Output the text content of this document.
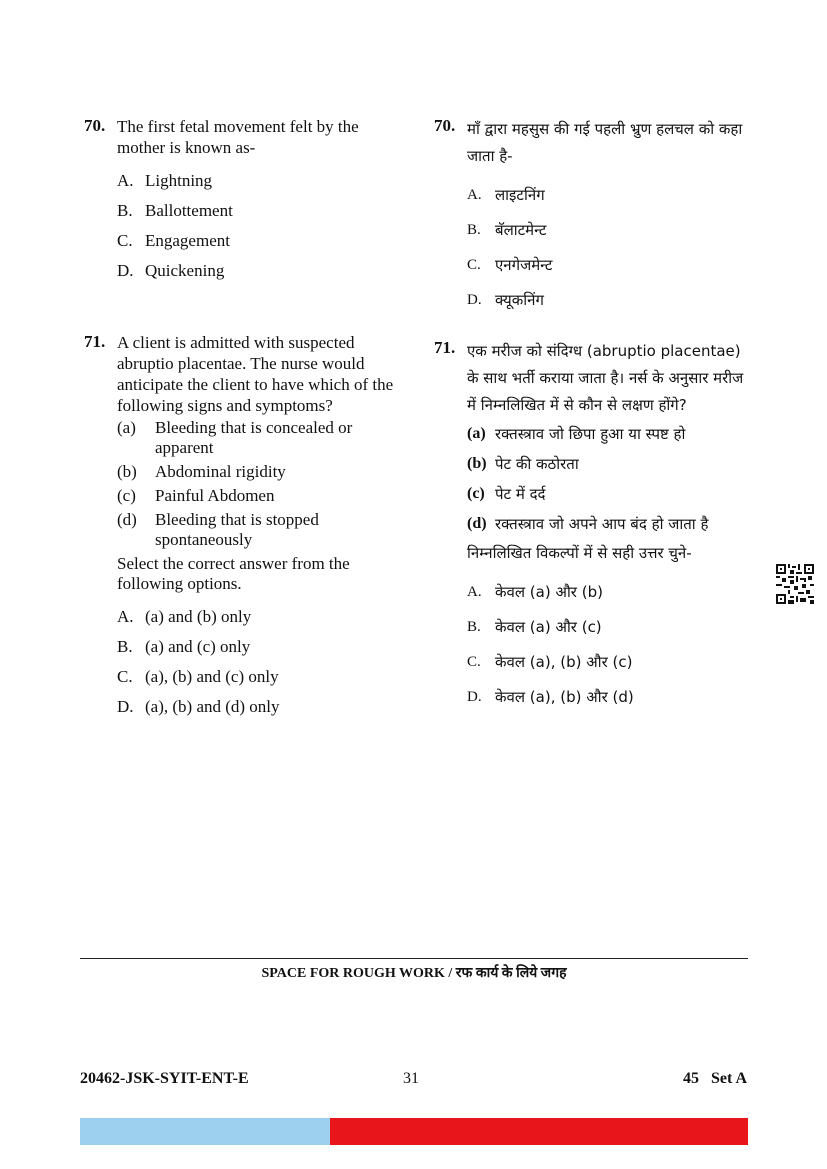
70. The first fetal movement felt by the mother is known as-
A. Lightning
B. Ballottement
C. Engagement
D. Quickening
71. A client is admitted with suspected abruptio placentae. The nurse would anticipate the client to have which of the following signs and symptoms?
(a)	Bleeding that is concealed or apparent
(b)	Abdominal rigidity
(c)	Painful Abdomen
(d)	Bleeding that is stopped spontaneously
Select the correct answer from the following options.
A. (a) and (b) only
B. (a) and (c) only
C. (a), (b) and (c) only
D. (a), (b) and (d) only
70. माँ द्वारा महसुस की गई पहली भ्रुण हलचल को कहा जाता है-
A. लाइटनिंग
B. बॅलाटमेन्ट
C. एनगेजमेन्ट
D. क्यूकनिंग
71. एक मरीज को संदिग्ध (abruptio placentae) के साथ भर्ती कराया जाता है। नर्स के अनुसार मरीज में निम्नलिखित में से कौन से लक्षण होंगे?
(a) रक्तस्त्राव जो छिपा हुआ या स्पष्ट हो
(b) पेट की कठोरता
(c) पेट में दर्द
(d) रक्तस्त्राव जो अपने आप बंद हो जाता है
निम्नलिखित विकल्पों में से सही उत्तर चुने-
A. केवल (a) और (b)
B. केवल (a) और (c)
C. केवल (a), (b) और (c)
D. केवल (a), (b) और (d)
SPACE FOR ROUGH WORK / रफ कार्य के लिये जगह
20462-JSK-SYIT-ENT-E	31	45   Set A
